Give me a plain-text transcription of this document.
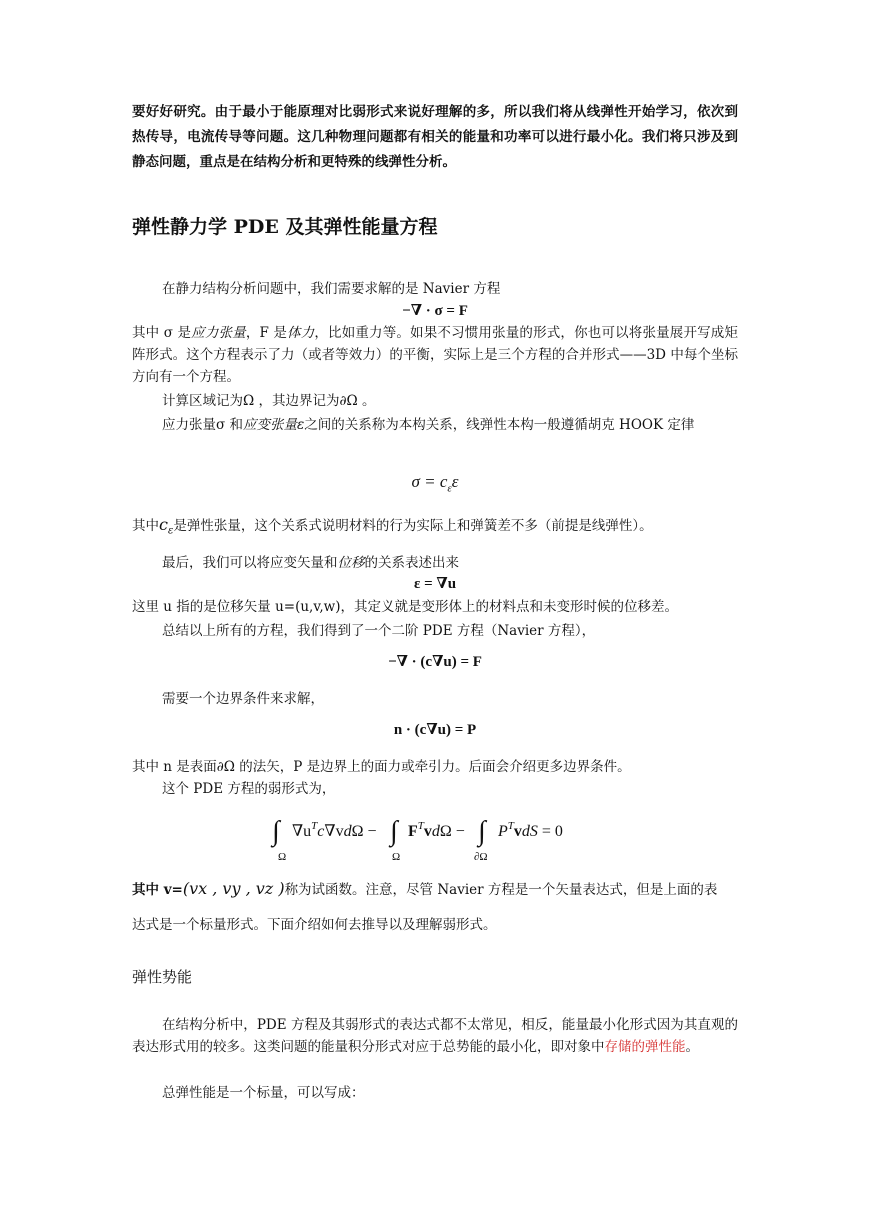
要好好研究。由于最小于能原理对比弱形式来说好理解的多，所以我们将从线弹性开始学习，依次到热传导，电流传导等问题。这几种物理问题都有相关的能量和功率可以进行最小化。我们将只涉及到静态问题，重点是在结构分析和更特殊的线弹性分析。

弹性静力学 PDE 及其弹性能量方程

在静力结构分析问题中，我们需要求解的是 Navier 方程

−∇ · σ = F

其中 σ 是应力张量，F 是体力，比如重力等。如果不习惯用张量的形式，你也可以将张量展开写成矩阵形式。这个方程表示了力（或者等效力）的平衡，实际上是三个方程的合并形式——3D 中每个坐标方向有一个方程。

计算区域记为Ω ，其边界记为∂Ω 。

应力张量σ 和应变张量ε之间的关系称为本构关系，线弹性本构一般遵循胡克 HOOK 定律

$\sigma = c_\varepsilon\varepsilon$

其中$c_\varepsilon$是弹性张量，这个关系式说明材料的行为实际上和弹簧差不多（前提是线弹性）。

最后，我们可以将应变矢量和位移的关系表述出来

ε = ∇u

这里 u 指的是位移矢量 u=(u,v,w)，其定义就是变形体上的材料点和未变形时候的位移差。

总结以上所有的方程，我们得到了一个二阶 PDE 方程（Navier 方程），

−∇ · (c∇u) = F

需要一个边界条件来求解，

n · (c∇u) = P

其中 n 是表面∂Ω 的法矢，P 是边界上的面力或牵引力。后面会介绍更多边界条件。

这个 PDE 方程的弱形式为，

∫
Ω
$\nabla u^Tc\nabla vd\Omega$ − ∫
Ω
$F^Tvd\Omega$ − ∫
∂Ω
$P^TvdS = 0$

其中 v=(vx , vy , vz )称为试函数。注意，尽管 Navier 方程是一个矢量表达式，但是上面的表

达式是一个标量形式。下面介绍如何去推导以及理解弱形式。

弹性势能

在结构分析中，PDE 方程及其弱形式的表达式都不太常见，相反，能量最小化形式因为其直观的表达形式用的较多。这类问题的能量积分形式对应于总势能的最小化，即对象中存储的弹性能。

总弹性能是一个标量，可以写成：
